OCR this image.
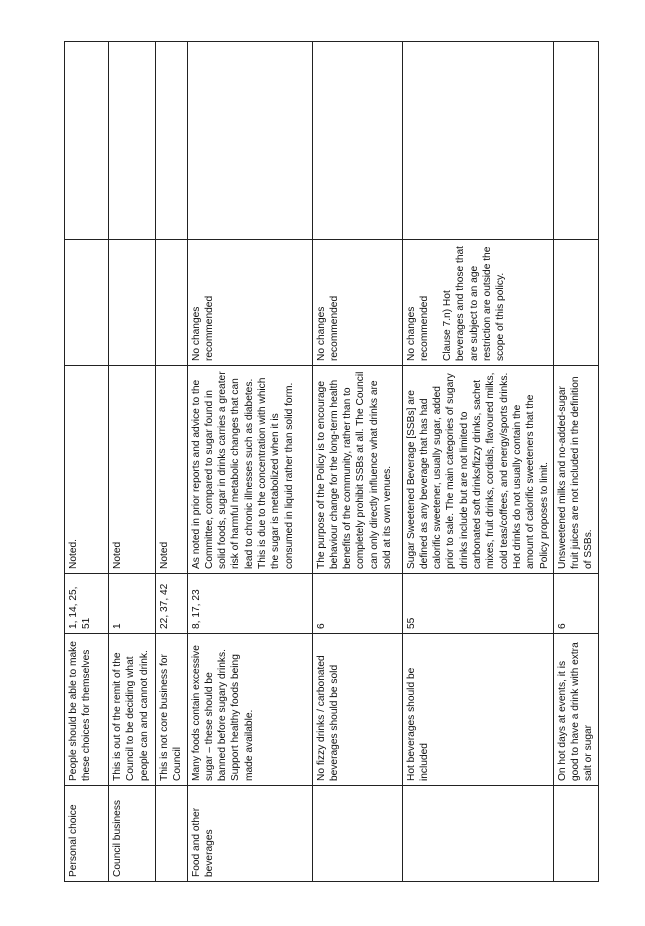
Personal choice	People should be able to make these choices for themselves	1, 14, 25, 51	Noted.		
Council business	This is out of the remit of the Council to be deciding what people can and cannot drink.	1	Noted		
	This is not core business for Council	22, 37, 42	Noted		
Food and other beverages	Many foods contain excessive sugar – these should be banned before sugary drinks. Support healthy foods being made available.	8, 17, 23	As noted in prior reports and advice to the Committee, compared to sugar found in solid foods, sugar in drinks carries a greater risk of harmful metabolic changes that can lead to chronic illnesses such as diabetes. This is due to the concentration with which the sugar is metabolized when it is consumed in liquid rather than solid form.	No changes recommended	
	No fizzy drinks / carbonated beverages should be sold	6	The purpose of the Policy is to encourage behaviour change for the long-term health benefits of the community, rather than to completely prohibit SSBs at all. The Council can only directly influence what drinks are sold at its own venues.	No changes recommended	
	Hot beverages should be included	55	Sugar Sweetened Beverage [SSBs] are defined as any beverage that has had calorific sweetener, usually sugar, added prior to sale. The main categories of sugary drinks include but are not limited to carbonated soft drinks/fizzy drinks, sachet mixes, fruit drinks, cordials, flavoured milks, cold teas/coffees, and energy/sports drinks. Hot drinks do not usually contain the amount of calorific sweeteners that the Policy proposes to limit.	No changes recommended Clause 7.n) Hot beverages and those that are subject to an age restriction are outside the scope of this policy.	
	On hot days at events, it is good to have a drink with extra salt or sugar	6	Unsweetened milks and no-added-sugar fruit juices are not included in the definition of SSBs.		
